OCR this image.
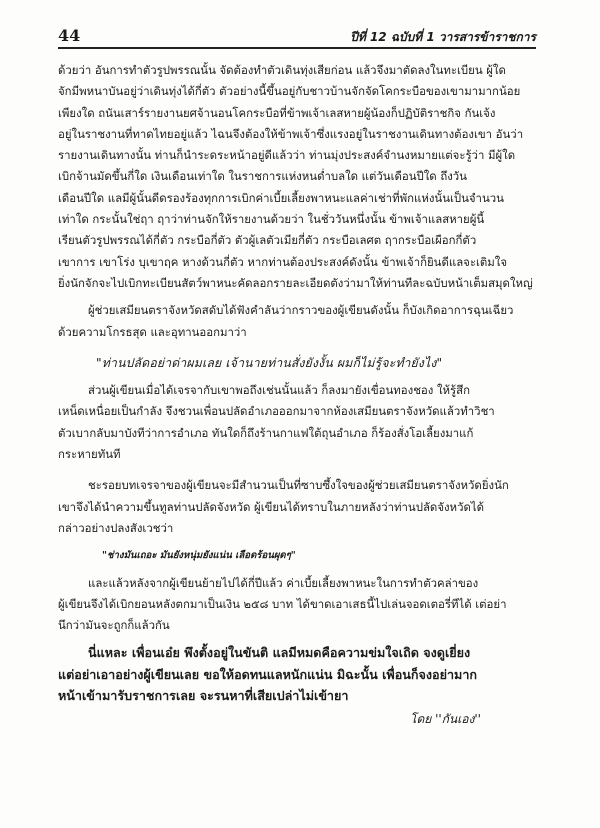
44	ปีที่ 12 ฉบับที่ 1 วารสารข้าราชการ
ด้วยว่า อันการทำตัวรูปพรรณนั้น จัดต้องทำตัวเดินทุ่งเสียก่อน แล้วจึงมาตัดลงในทะเบียน ผู้ใด
จักมีพหนาบันอยู่ว่าเดินทุ่งได้กี่ตัว ตัวอย่างนี้ขึ้นอยู่กับชาวบ้านจักจัดโคกระบือของเขามามากน้อย
เพียงใด ถนันเสาร์รายงานยศจ้านอนโคกระบือที่ข้าพเจ้าเลสหายผู้น้องก็ปฏิบัติราชกิจ กันเจ้ง
อยู่ในราชงานที่ทาดไทยอยู่แล้ว ไฉนจึงต้องให้ข้าพเจ้าซึ่งแรงอยู่ในราชงานเดินทางต้องเขา อันว่า
รายงานเดินทางนั้น ท่านก็นำระดระหน้าอยู่ดีแล้วว่า ท่านมุ่งประสงค์จำนงหมายแต่จะรู้ว่า มีผู้ใด
เบิกจ้านมัดขึ้นกี่ใด เงินเดือนเท่าใด ในราชการแห่งหนด่ำบลใด แต่วันเดือนปีใด ถึงวัน
เดือนปีใด แลมีผู้นั้นดีดรองร้องทุกการเบิกค่าเบี้ยเลี้ยงพาหนะแลค่าเช่าที่พักแห่งนั้นเป็นจำนวน
เท่าใด กระนั้นใช่ฤา ฤาว่าท่านจักให้รายงานด้วยว่า ในชั่ววันหนึ่งนั้น ข้าพเจ้าแลสหายผู้นี้
เรียนตัวรูปพรรณได้กี่ตัว กระบือกี่ตัว ตัวผู้เลตัวเมียกี่ตัว กระบือเลศต ฤากระบือเผือกกี่ตัว
เขาการ เขาโร่ง บุเขาฤค หางด้วนกี่ตัว หากท่านต้องประสงค์ดังนั้น ข้าพเจ้าก็ยินดีแลจะเติมใจ
ยิ่งนักจักจะไปเบิกทะเบียนสัตว์พาหนะคัดลอกรายละเอียดตังว่ามาให้ท่านทีละฉบับหน้าเต็มสมุดใหญ่
ผู้ช่วยเสมียนตราจังหวัดสดับได้ฟังคำลันว่ากราวของผู้เขียนดังนั้น ก็บังเกิดอาการฉุนเฉียว
ด้วยความโกรธสุด และอุทานออกมาว่า
"ท่านปลัดอย่าด่าผมเลย เจ้านายท่านสั่งยังงั้น ผมก็ไม่รู้จะทำยังไง"
ส่วนผู้เขียนเมื่อได้เจรจากับเขาพอถึงเช่นนั้นแล้ว ก็ลงมายังเขื่อนทองชอง ให้รู้สึก
เหน็ดเหนื่อยเป็นกำลัง จึงชวนเพื่อนปลัดอำเภอออกมาจากห้องเสมียนตราจังหวัดแล้วทำวิชา
ตัวเบากลับมาบังทีว่าการอำเภอ ทันใดก็ถึงร้านกาแฟใต้ถุนอำเภอ ก็ร้องสั่งโอเลี้ยงมาแก้
กระหายทันที
ชะรอยบทเจรจาของผู้เขียนจะมีสำนวนเป็นที่ซาบซึ้งใจของผู้ช่วยเสมียนตราจังหวัดยิ่งนัก
เขาจึงได้นำความขึ้นทูลท่านปลัดจังหวัด ผู้เขียนได้ทราบในภายหลังว่าท่านปลัดจังหวัดได้
กล่าวอย่างปลงสังเวชว่า
"ช่างมันเถอะ มันยังหนุ่มยังแน่น เลือดร้อนผุดๆ"
และแล้วหลังจากผู้เขียนย้ายไปได้กี่ปีแล้ว ค่าเบี้ยเลี้ยงพาหนะในการทำตัวคล่าของ
ผู้เขียนจึงได้เบิกยอนหลังตกมาเป็นเงิน ๒๕๘ บาท ได้ขาดเอาเสธนี้ไปเล่นจอดเตอรี่ทีได้ เต่อย่า
นึกว่ามันจะถูกก็แล้วกัน
นี่แหละ เพื่อนเอ๋ย พึงตั้งอยู่ในขันติ แลมีหมดคือความข่มใจเถิด จงดูเยี่ยง
แต่อย่าเอาอย่างผู้เขียนเลย ขอให้อดทนแลหนักแน่น มิฉะนั้น เพื่อนก็จงอย่ามาก
หน้าเข้ามารับราชการเลย จะรนหาที่เสียเปล่าไม่เข้ายา
โดย ''กันเอง''
